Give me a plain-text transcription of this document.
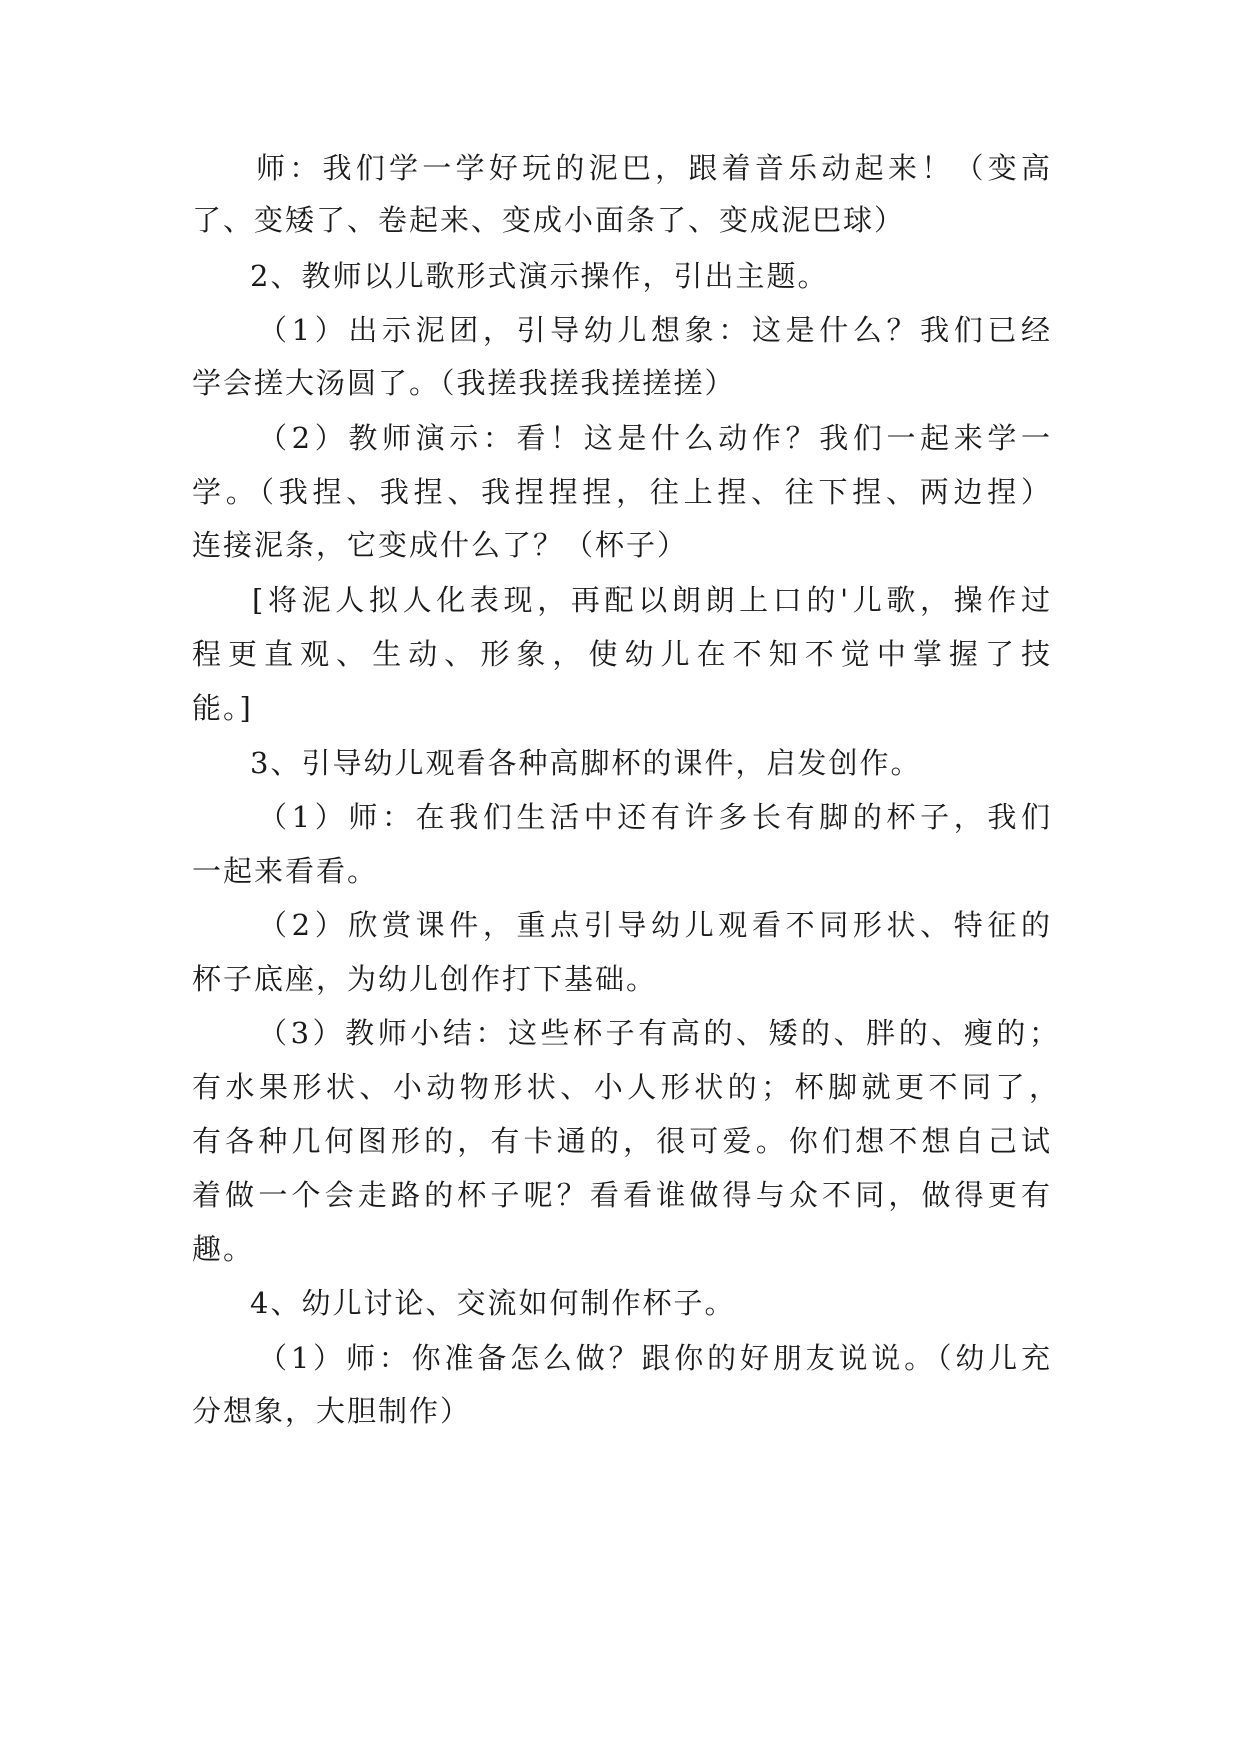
师：我们学一学好玩的泥巴，跟着音乐动起来！（变高
了、变矮了、卷起来、变成小面条了、变成泥巴球）
2、教师以儿歌形式演示操作，引出主题。
（1）出示泥团，引导幼儿想象：这是什么？我们已经
学会搓大汤圆了。（我搓我搓我搓搓搓）
（2）教师演示：看！这是什么动作？我们一起来学一
学。（我捏、我捏、我捏捏捏，往上捏、往下捏、两边捏）
连接泥条，它变成什么了？（杯子）
[将泥人拟人化表现，再配以朗朗上口的'儿歌，操作过
程更直观、生动、形象，使幼儿在不知不觉中掌握了技
能。]
3、引导幼儿观看各种高脚杯的课件，启发创作。
（1）师：在我们生活中还有许多长有脚的杯子，我们
一起来看看。
（2）欣赏课件，重点引导幼儿观看不同形状、特征的
杯子底座，为幼儿创作打下基础。
（3）教师小结：这些杯子有高的、矮的、胖的、瘦的；
有水果形状、小动物形状、小人形状的；杯脚就更不同了，
有各种几何图形的，有卡通的，很可爱。你们想不想自己试
着做一个会走路的杯子呢？看看谁做得与众不同，做得更有
趣。
4、幼儿讨论、交流如何制作杯子。
（1）师：你准备怎么做？跟你的好朋友说说。（幼儿充
分想象，大胆制作）
